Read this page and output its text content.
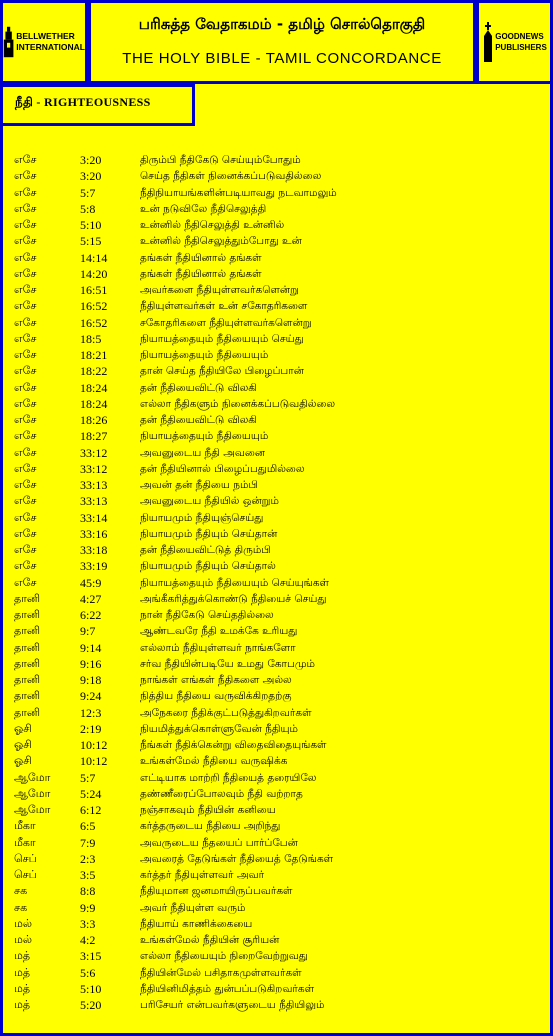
BELLWETHER
INTERNATIONAL
பரிசுத்த வேதாகமம் - தமிழ் சொல்தொகுதி
THE HOLY BIBLE - TAMIL CONCORDANCE
GOODNEWS
PUBLISHERS
நீதி - RIGHTEOUSNESS
எசே	3:20	திரும்பி நீதிகேடு செய்யும்போதும்
எசே	3:20	செய்த நீதிகள் நினைக்கப்படுவதில்லை
எசே	5:7	நீதிநியாயங்களின்படியாவது நடவாமலும்
எசே	5:8	உன் நடுவிலே நீதிசெலுத்தி
எசே	5:10	உன்னில் நீதிசெலுத்தி உன்னில்
எசே	5:15	உன்னில் நீதிசெலுத்தும்போது உன்
எசே	14:14	தங்கள் நீதியினால் தங்கள்
எசே	14:20	தங்கள் நீதியினால் தங்கள்
எசே	16:51	அவர்களை நீதியுள்ளவர்களென்று
எசே	16:52	நீதியுள்ளவர்கள் உன் சகோதரிகளை
எசே	16:52	சகோதரிகளை நீதியுள்ளவர்களென்று
எசே	18:5	நியாயத்தையும் நீதியையும் செய்து
எசே	18:21	நியாயத்தையும் நீதியையும்
எசே	18:22	தான் செய்த நீதியிலே பிழைப்பான்
எசே	18:24	தன் நீதியைவிட்டு விலகி
எசே	18:24	எல்லா நீதிகளும் நினைக்கப்படுவதில்லை
எசே	18:26	தன் நீதியைவிட்டு விலகி
எசே	18:27	நியாயத்தையும் நீதியையும்
எசே	33:12	அவனுடைய நீதி அவனை
எசே	33:12	தன் நீதியினால் பிழைப்பதுமில்லை
எசே	33:13	அவன் தன் நீதியை நம்பி
எசே	33:13	அவனுடைய நீதியில் ஒன்றும்
எசே	33:14	நியாயமும் நீதியுஞ்செய்து
எசே	33:16	நியாயமும் நீதியும் செய்தான்
எசே	33:18	தன் நீதியைவிட்டுத் திரும்பி
எசே	33:19	நியாயமும் நீதியும் செய்தால்
எசே	45:9	நியாயத்தையும் நீதியையும் செய்யுங்கள்
தானி	4:27	அங்கீகரித்துக்கொண்டு நீதியைச் செய்து
தானி	6:22	நான் நீதிகேடு செய்ததில்லை
தானி	9:7	ஆண்டவரே நீதி உமக்கே உரியது
தானி	9:14	எல்லாம் நீதியுள்ளவர் நாங்களோ
தானி	9:16	சர்வ நீதியின்படியே உமது கோபமும்
தானி	9:18	நாங்கள் எங்கள் நீதிகளை அல்ல
தானி	9:24	நித்திய நீதியை வருவிக்கிறதற்கு
தானி	12:3	அநேகரை நீதிக்குட்படுத்துகிறவர்கள்
ஓசி	2:19	நியமித்துக்கொள்ளுவேன் நீதியும்
ஓசி	10:12	நீங்கள் நீதிக்கென்று விதைவிதையுங்கள்
ஓசி	10:12	உங்கள்மேல் நீதியை வருஷிக்க
ஆமோ 5:7	எட்டியாக மாற்றி நீதியைத் தரையிலே
ஆமோ 5:24	தண்ணீரைப்போலவும் நீதி வற்றாத
ஆமோ 6:12	நஞ்சாகவும் நீதியின் கனியை
மீகா	6:5	கர்த்தருடைய நீதியை அறிந்து
மீகா	7:9	அவருடைய நீதயைப் பார்ப்பேன்
செப்	2:3	அவரைத் தேடுங்கள் நீதியைத் தேடுங்கள்
செப்	3:5	கர்த்தர் நீதியுள்ளவர் அவர்
சக	8:8	நீதியுமான ஜனமாயிருப்பவர்கள்
சக	9:9	அவர் நீதியுள்ள வரும்
மல்	3:3	நீதியாய் காணிக்கையை
மல்	4:2	உங்கள்மேல் நீதியின் சூரியன்
மத்	3:15	எல்லா நீதியையும் நிறைவேற்றுவது
மத்	5:6	நீதியின்மேல் பசிதாகமுள்ளவர்கள்
மத்	5:10	நீதியினிமித்தம் துன்பப்படுகிறவர்கள்
மத்	5:20	பரிசேயர் என்பவர்களுடைய நீதியிலும்
